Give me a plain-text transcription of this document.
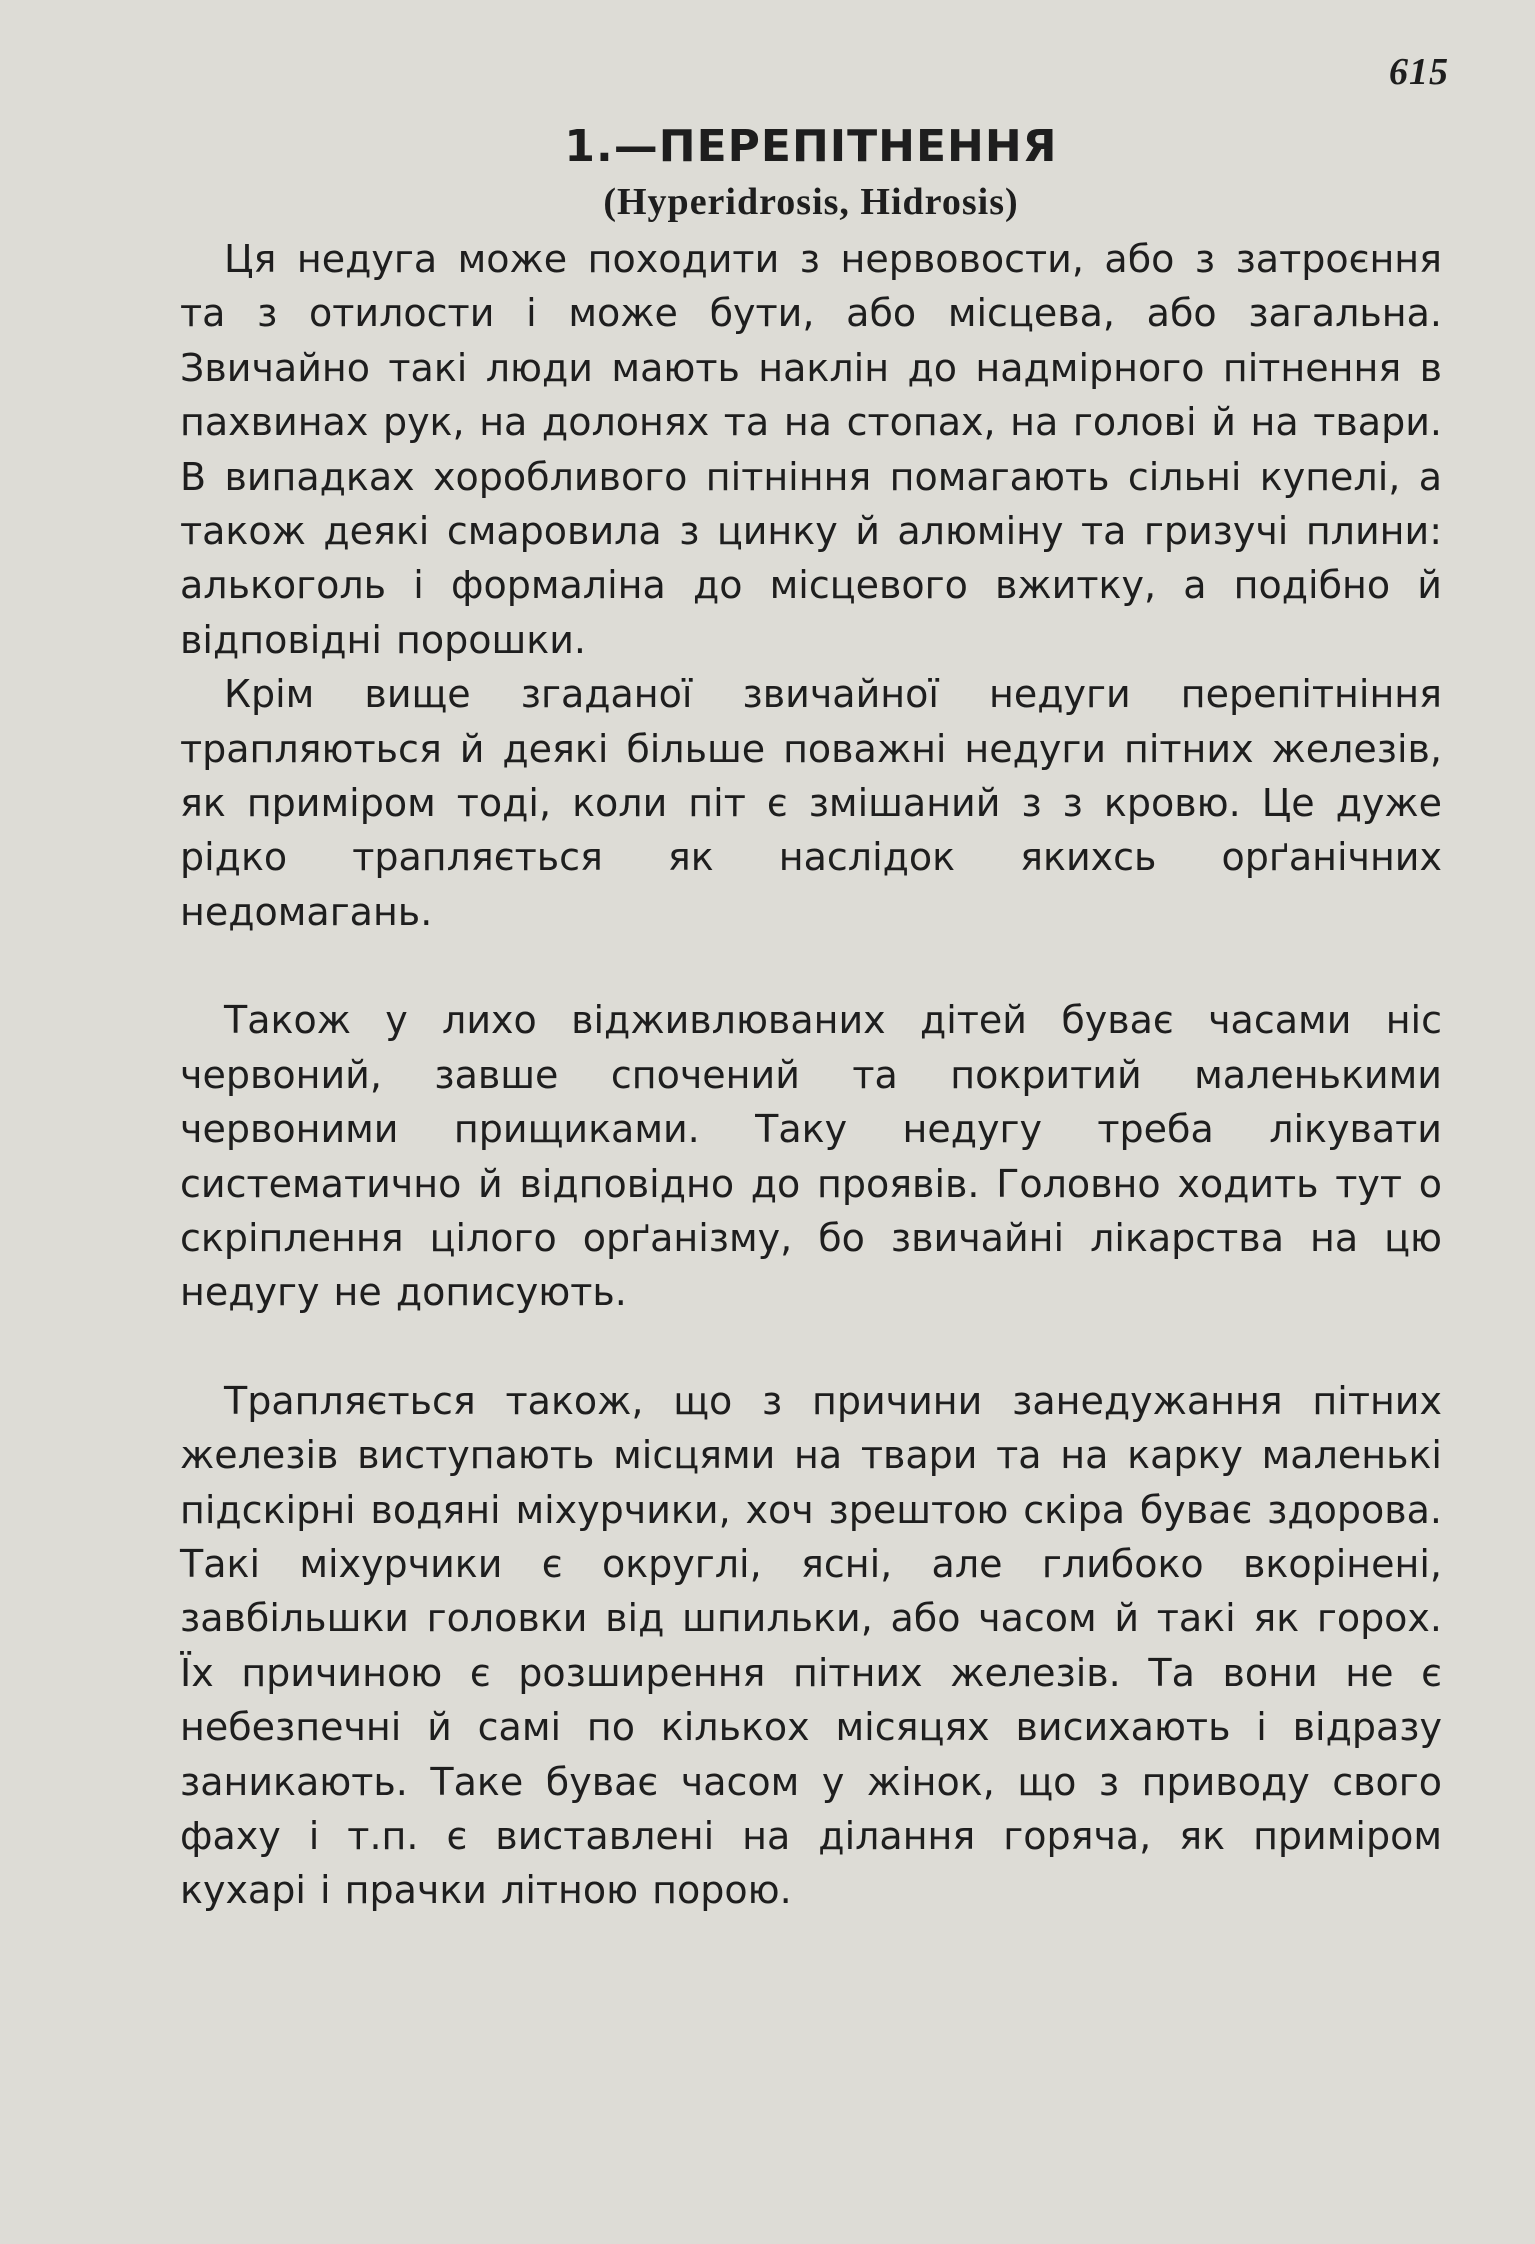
615
1.—ПЕРЕПІТНЕННЯ
(Hyperidrosis, Hidrosis)

Ця недуга може походити з нервовости, або з затроєння та з отилости і може бути, або місцева, або загальна. Звичайно такі люди мають наклін до надмірного пітнення в пахвинах рук, на долонях та на стопах, на голові й на твари. В випадках хоробливого пітніння помагають сільні купелі, а також деякі смаровила з цинку й алюміну та гризучі плини: алькоголь і формаліна до місцевого вжитку, а подібно й відповідні порошки.

Крім вище згаданої звичайної недуги перепітніння трапляються й деякі більше поважні недуги пітних железів, як приміром тоді, коли піт є змішаний з з кровю. Це дуже рідко трапляється як наслідок якихсь орґанічних недомагань.

Також у лихо відживлюваних дітей буває часами ніс червоний, завше спочений та покритий маленькими червоними прищиками. Таку недугу треба лікувати систематично й відповідно до проявів. Головно ходить тут о скріплення цілого орґанізму, бо звичайні лікарства на цю недугу не дописують.

Трапляється також, що з причини занедужання пітних железів виступають місцями на твари та на карку маленькі підскірні водяні міхурчики, хоч зрештою скіра буває здорова. Такі міхурчики є округлі, ясні, але глибоко вкорінені, завбільшки головки від шпильки, або часом й такі як горох. Їх причиною є розширення пітних железів. Та вони не є небезпечні й самі по кількох місяцях висихають і відразу заникають. Таке буває часом у жінок, що з приводу свого фаху і т.п. є виставлені на ділання горяча, як приміром кухарі і прачки літною порою.
